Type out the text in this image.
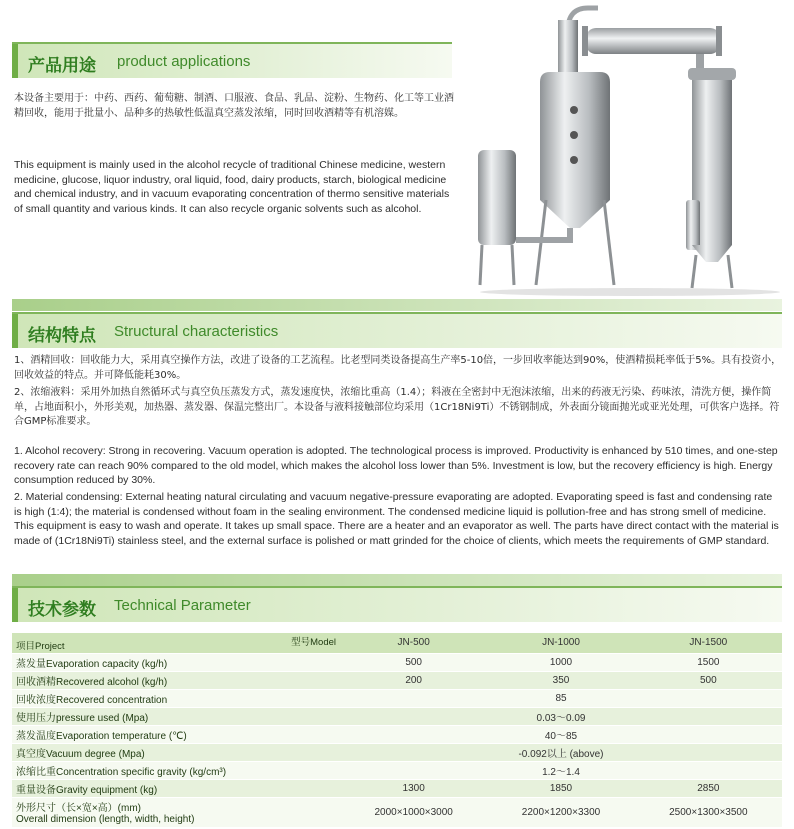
产品用途 product applications
本设备主要用于：中药、西药、葡萄糖、制酒、口服液、食品、乳品、淀粉、生物药、化工等工业酒精回收，能用于批量小、品种多的热敏性低温真空蒸发浓缩，同时回收酒精等有机溶媒。
This equipment is mainly used in the alcohol recycle of traditional Chinese medicine, western medicine, glucose, liquor industry, oral liquid, food, dairy products, starch, biological medicine and chemical industry, and in vacuum evaporating concentration of thermo sensitive materials of small quantity and various kinds. It can also recycle organic solvents such as alcohol.
结构特点 Structural characteristics
1、酒精回收：回收能力大，采用真空操作方法，改进了设备的工艺流程。比老型同类设备提高生产率5-10倍，一步回收率能达到90%，使酒精损耗率低于5%。具有投资小，回收效益的特点。并可降低能耗30%。
2、浓缩液料：采用外加热自然循环式与真空负压蒸发方式，蒸发速度快，浓缩比重高（1.4）；料液在全密封中无泡沫浓缩，出来的药液无污染、药味浓，清洗方便，操作简单，占地面积小，外形美观，加热器、蒸发器、保温完整出厂。本设备与液料接触部位均采用（1Cr18Ni9Ti）不锈钢制成，外表面分镜面抛光或亚光处理，可供客户选择。符合GMP标准要求。
1. Alcohol recovery: Strong in recovering. Vacuum operation is adopted. The technological process is improved. Productivity is enhanced by 510 times, and one-step recovery rate can reach 90% compared to the old model, which makes the alcohol loss lower than 5%. Investment is low, but the recovery efficiency is high. Energy consumption reduced by 30%.
2. Material condensing: External heating natural circulating and vacuum negative-pressure evaporating are adopted. Evaporating speed is fast and condensing rate is high (1:4); the material is condensed without foam in the sealing environment. The condensed medicine liquid is pollution-free and has strong smell of medicine. This equipment is easy to wash and operate. It takes up small space. There are a heater and an evaporator as well. The parts have direct contact with the material is made of (1Cr18Ni9Ti) stainless steel, and the external surface is polished or matt grinded for the choice of clients, which meets the requirements of GMP standard.
技术参数 Technical Parameter
型号Model
项目Project	JN-500	JN-1000	JN-1500
蒸发量Evaporation capacity (kg/h)	500	1000	1500
回收酒精Recovered alcohol (kg/h)	200	350	500
回收浓度Recovered concentration	85		
使用压力pressure used (Mpa)	0.03～0.09		
蒸发温度Evaporation temperature (℃)	40～85		
真空度Vacuum degree (Mpa)	-0.092以上 (above)		
浓缩比重Concentration specific gravity (kg/cm³)	1.2～1.4		
重量设备Gravity equipment (kg)	1300	1850	2850

外形尺寸（长×宽×高）(mm)
Overall dimension (length, width, height)	2000×1000×3000	2200×1200×3300	2500×1300×3500
